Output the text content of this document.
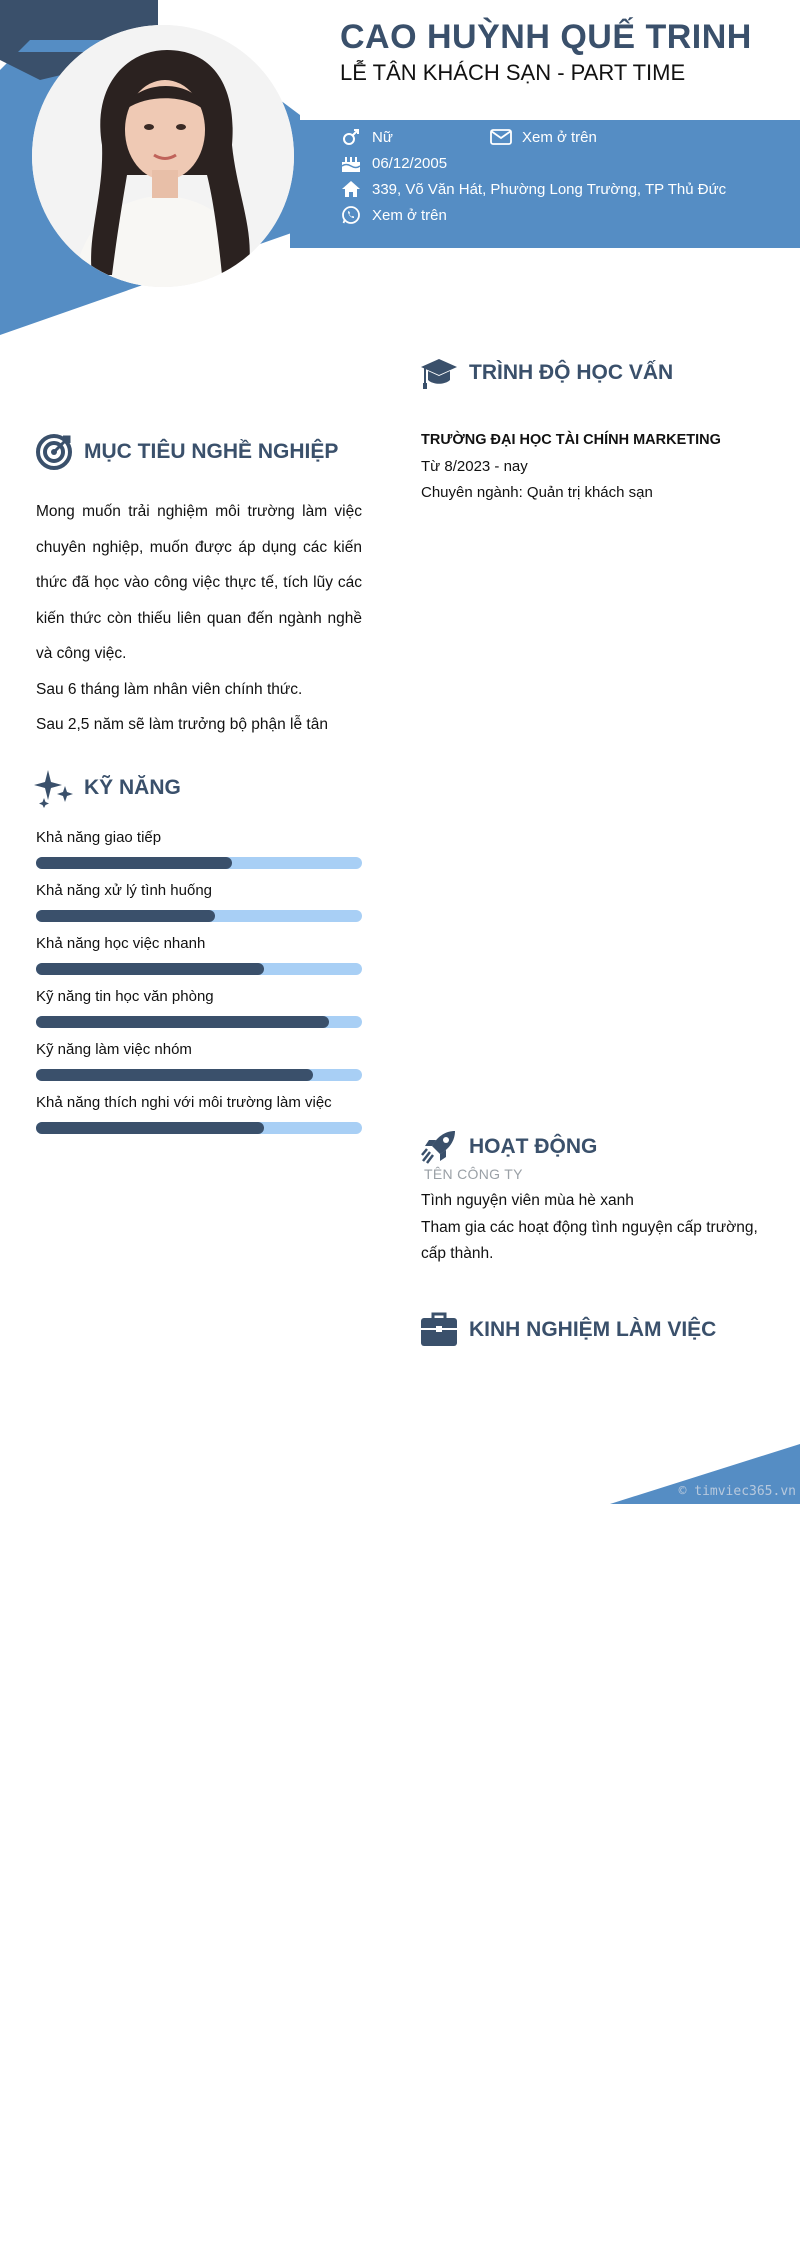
CAO HUỲNH QUẾ TRINH
LỄ TÂN KHÁCH SẠN - PART TIME
Nữ	Xem ở trên
06/12/2005
339, Võ Văn Hát, Phường Long Trường, TP Thủ Đức
Xem ở trên
MỤC TIÊU NGHỀ NGHIỆP

Mong muốn trải nghiệm môi trường làm việc chuyên nghiệp, muốn được áp dụng các kiến thức đã học vào công việc thực tế, tích lũy các kiến thức còn thiếu liên quan đến ngành nghề và công việc.

Sau 6 tháng làm nhân viên chính thức.
Sau 2,5 năm sẽ làm trưởng bộ phận lễ tân
KỸ NĂNG
Khả năng giao tiếp
Khả năng xử lý tình huống
Khả năng học việc nhanh
Kỹ năng tin học văn phòng
Kỹ năng làm việc nhóm
Khả năng thích nghi với môi trường làm việc
TRÌNH ĐỘ HỌC VẤN
TRƯỜNG ĐẠI HỌC TÀI CHÍNH MARKETING
Từ 8/2023 - nay
Chuyên ngành: Quản trị khách sạn
HOẠT ĐỘNG
TÊN CÔNG TY

Tình nguyện viên mùa hè xanh

Tham gia các hoạt động tình nguyện cấp trường, cấp thành.

KINH NGHIỆM LÀM VIỆC
© timviec365.vn
